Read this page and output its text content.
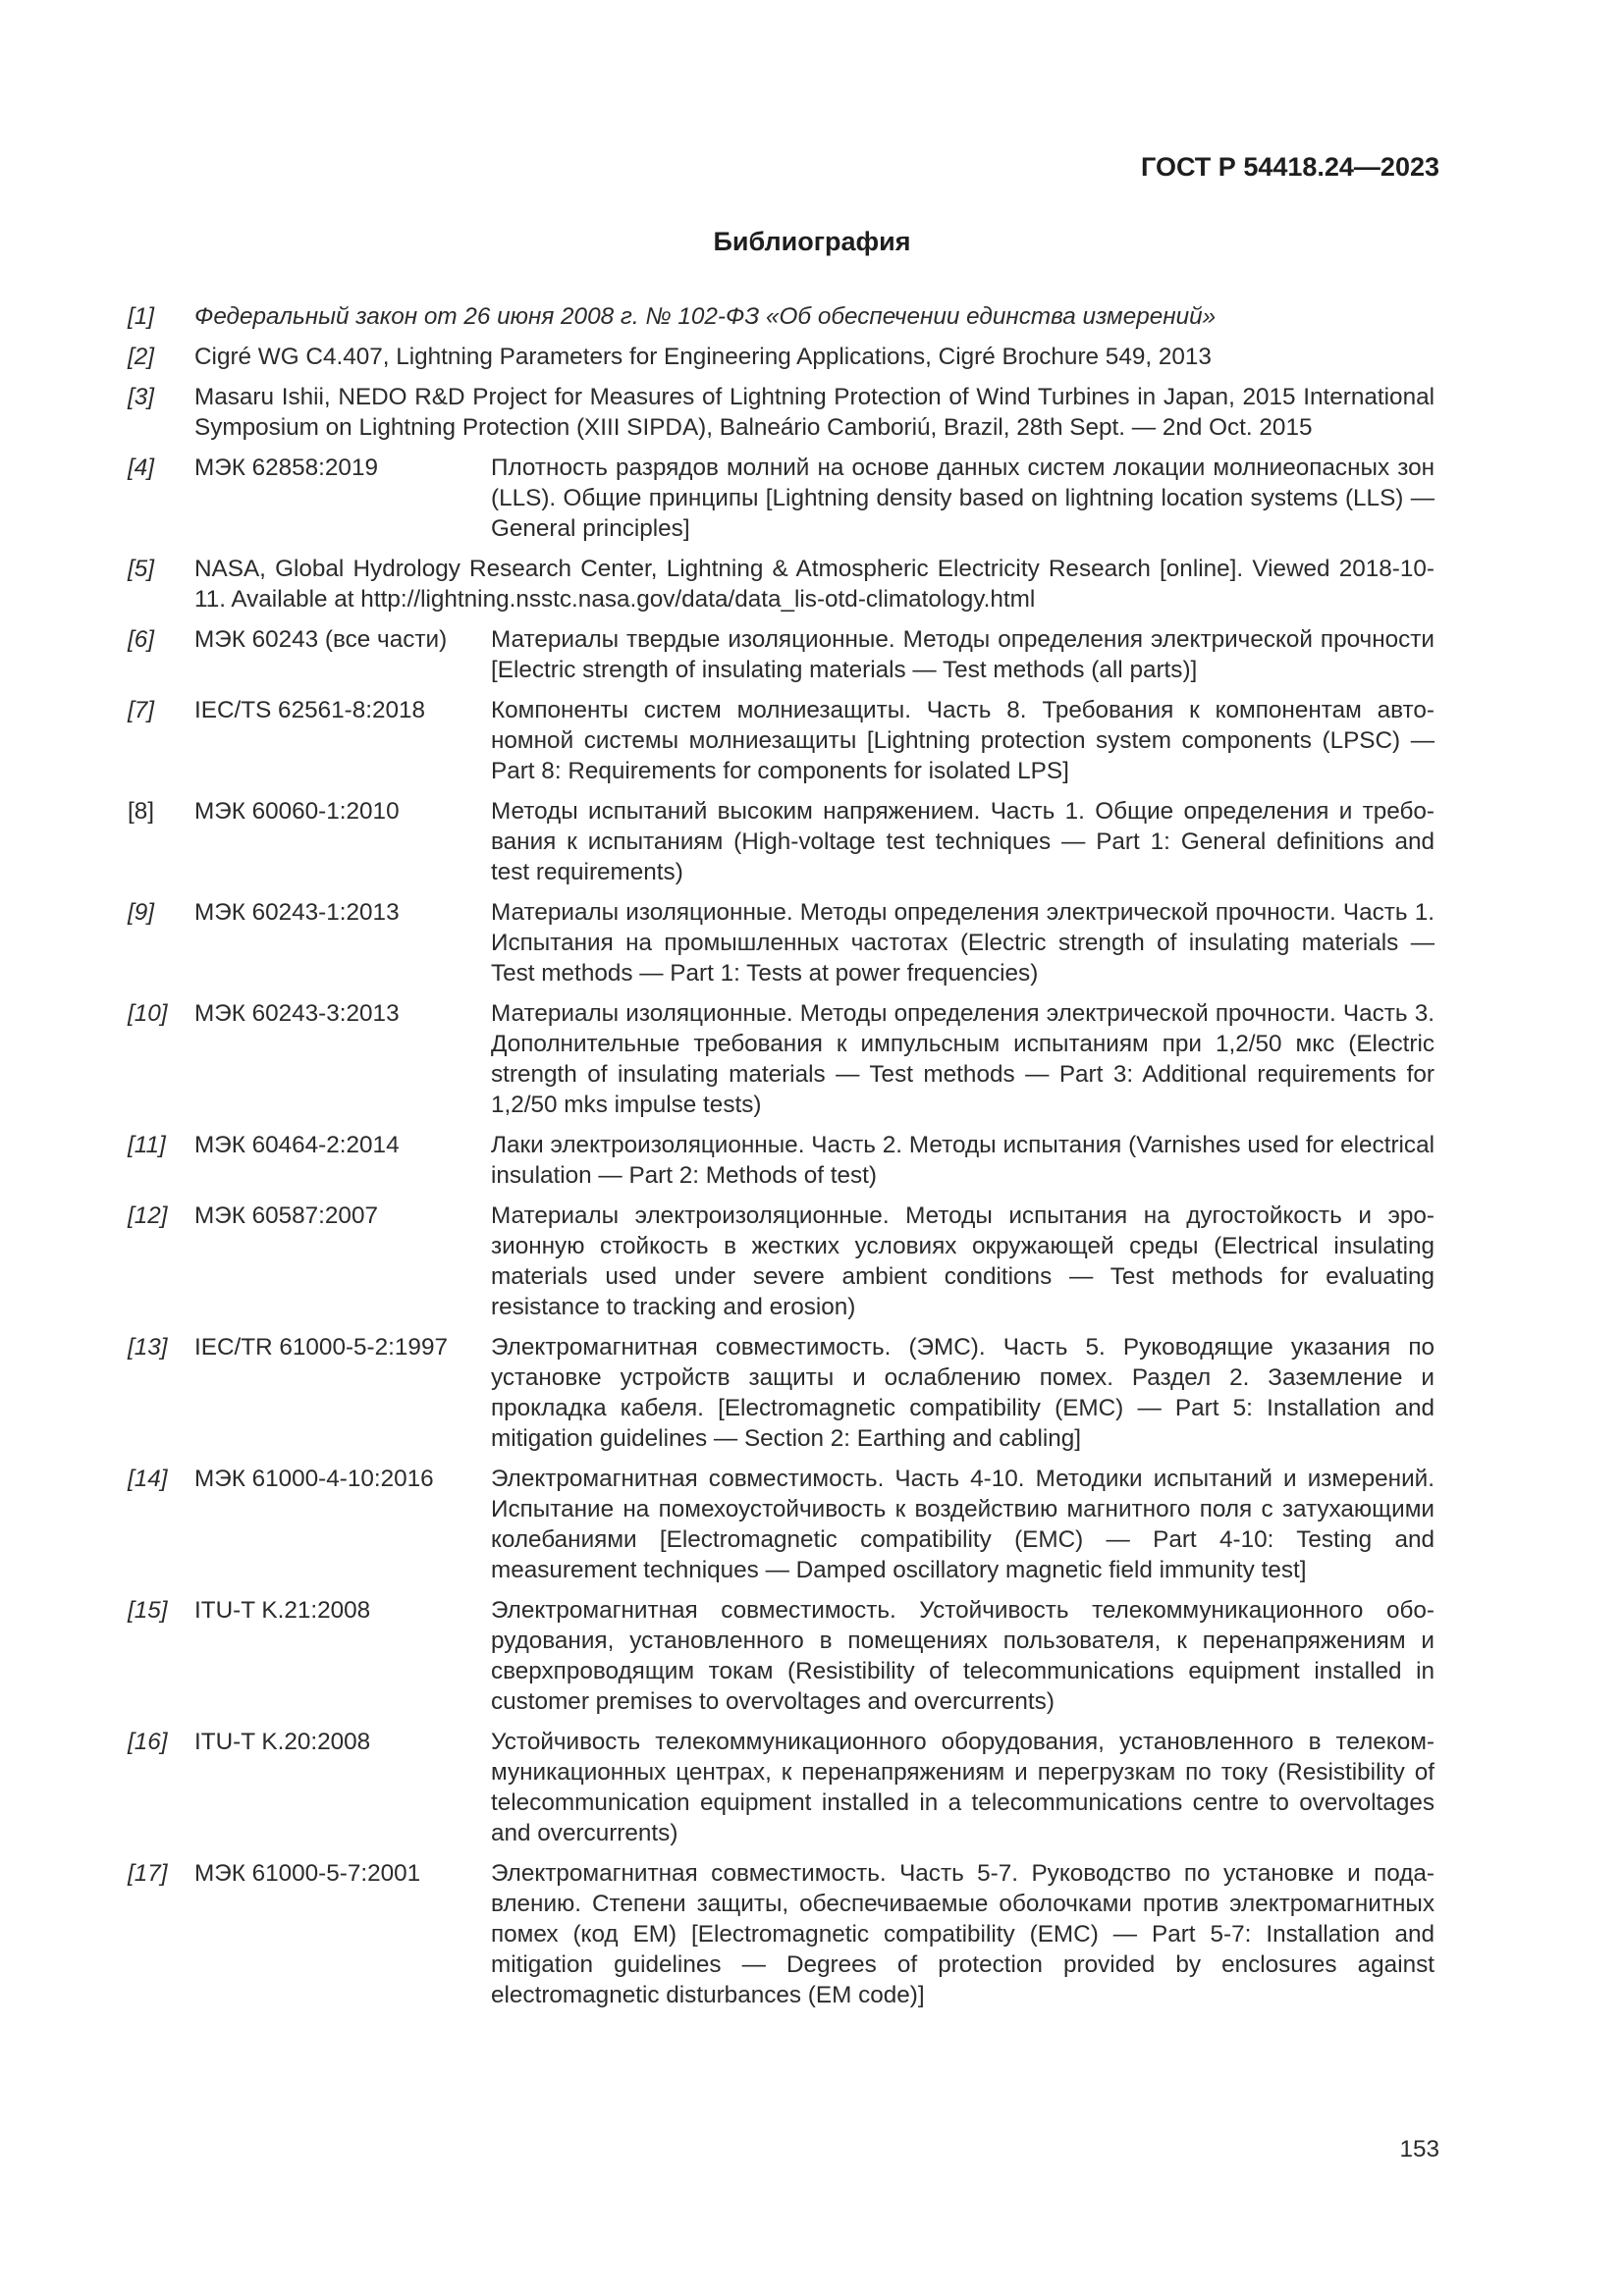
ГОСТ Р 54418.24—2023
Библиография
[1]	Федеральный закон от 26 июня 2008 г. № 102-ФЗ «Об обеспечении единства измерений»
[2]	Cigré WG C4.407, Lightning Parameters for Engineering Applications, Cigré Brochure 549, 2013
[3]	Masaru Ishii, NEDO R&D Project for Measures of Lightning Protection of Wind Turbines in Japan, 2015 International Symposium on Lightning Protection (XIII SIPDA), Balneário Camboriú, Brazil, 28th Sept. — 2nd Oct. 2015
[4]	МЭК 62858:2019	Плотность разрядов молний на основе данных систем локации молниеопасных зон (LLS). Общие принципы [Lightning density based on lightning location systems (LLS) — General principles]
[5]	NASA, Global Hydrology Research Center, Lightning & Atmospheric Electricity Research [online]. Viewed 2018-10-11. Available at http://lightning.nsstc.nasa.gov/data/data_lis-otd-climatology.html
[6]	МЭК 60243 (все части)	Материалы твердые изоляционные. Методы определения электрической прочности [Electric strength of insulating materials — Test methods (all parts)]
[7]	IEC/TS 62561-8:2018	Компоненты систем молниезащиты. Часть 8. Требования к компонентам автономной системы молниезащиты [Lightning protection system components (LPSC) — Part 8: Requirements for components for isolated LPS]
[8]	МЭК 60060-1:2010	Методы испытаний высоким напряжением. Часть 1. Общие определения и требования к испытаниям (High-voltage test techniques — Part 1: General definitions and test requirements)
[9]	МЭК 60243-1:2013	Материалы изоляционные. Методы определения электрической прочности. Часть 1. Испытания на промышленных частотах (Electric strength of insulating materials — Test methods — Part 1: Tests at power frequencies)
[10]	МЭК 60243-3:2013	Материалы изоляционные. Методы определения электрической прочности. Часть 3. Дополнительные требования к импульсным испытаниям при 1,2/50 мкс (Electric strength of insulating materials — Test methods — Part 3: Additional requirements for 1,2/50 mks impulse tests)
[11]	МЭК 60464-2:2014	Лаки электроизоляционные. Часть 2. Методы испытания (Varnishes used for electrical insulation — Part 2: Methods of test)
[12]	МЭК 60587:2007	Материалы электроизоляционные. Методы испытания на дугостойкость и эрозионную стойкость в жестких условиях окружающей среды (Electrical insulating materials used under severe ambient conditions — Test methods for evaluating resistance to tracking and erosion)
[13]	IEC/TR 61000-5-2:1997	Электромагнитная совместимость. (ЭМС). Часть 5. Руководящие указания по установке устройств защиты и ослаблению помех. Раздел 2. Заземление и прокладка кабеля. [Electromagnetic compatibility (EMC) — Part 5: Installation and mitigation guidelines — Section 2: Earthing and cabling]
[14]	МЭК 61000-4-10:2016	Электромагнитная совместимость. Часть 4-10. Методики испытаний и измерений. Испытание на помехоустойчивость к воздействию магнитного поля с затухающими колебаниями [Electromagnetic compatibility (EMC) — Part 4-10: Testing and measurement techniques — Damped oscillatory magnetic field immunity test]
[15]	ITU-T K.21:2008	Электромагнитная совместимость. Устойчивость телекоммуникационного оборудования, установленного в помещениях пользователя, к перенапряжениям и сверхпроводящим токам (Resistibility of telecommunications equipment installed in customer premises to overvoltages and overcurrents)
[16]	ITU-T K.20:2008	Устойчивость телекоммуникационного оборудования, установленного в телекоммуникационных центрах, к перенапряжениям и перегрузкам по току (Resistibility of telecommunication equipment installed in a telecommunications centre to overvoltages and overcurrents)
[17]	МЭК 61000-5-7:2001	Электромагнитная совместимость. Часть 5-7. Руководство по установке и подавлению. Степени защиты, обеспечиваемые оболочками против электромагнитных помех (код ЕМ) [Electromagnetic compatibility (EMC) — Part 5-7: Installation and mitigation guidelines — Degrees of protection provided by enclosures against electromagnetic disturbances (EM code)]
153
